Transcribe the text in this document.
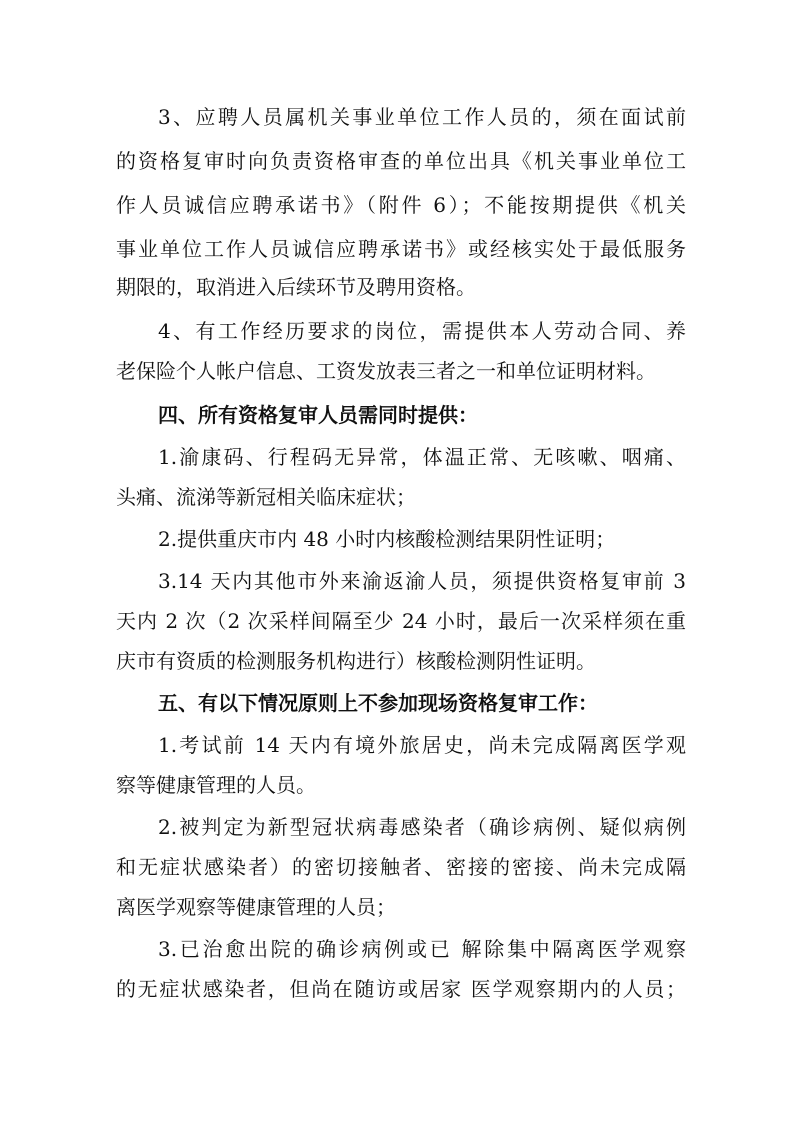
3、应聘人员属机关事业单位工作人员的，须在面试前
的资格复审时向负责资格审查的单位出具《机关事业单位工
作人员诚信应聘承诺书》（附件 6）；不能按期提供《机关
事业单位工作人员诚信应聘承诺书》或经核实处于最低服务
期限的，取消进入后续环节及聘用资格。
4、有工作经历要求的岗位，需提供本人劳动合同、养
老保险个人帐户信息、工资发放表三者之一和单位证明材料。
四、所有资格复审人员需同时提供：
1.渝康码、行程码无异常，体温正常、无咳嗽、咽痛、
头痛、流涕等新冠相关临床症状；
2.提供重庆市内 48 小时内核酸检测结果阴性证明；
3.14 天内其他市外来渝返渝人员，须提供资格复审前 3
天内 2 次（2 次采样间隔至少 24 小时，最后一次采样须在重
庆市有资质的检测服务机构进行）核酸检测阴性证明。
五、有以下情况原则上不参加现场资格复审工作：
1.考试前 14 天内有境外旅居史，尚未完成隔离医学观
察等健康管理的人员。
2.被判定为新型冠状病毒感染者（确诊病例、疑似病例
和无症状感染者）的密切接触者、密接的密接、尚未完成隔
离医学观察等健康管理的人员；
3.已治愈出院的确诊病例或已 解除集中隔离医学观察
的无症状感染者，但尚在随访或居家 医学观察期内的人员；
